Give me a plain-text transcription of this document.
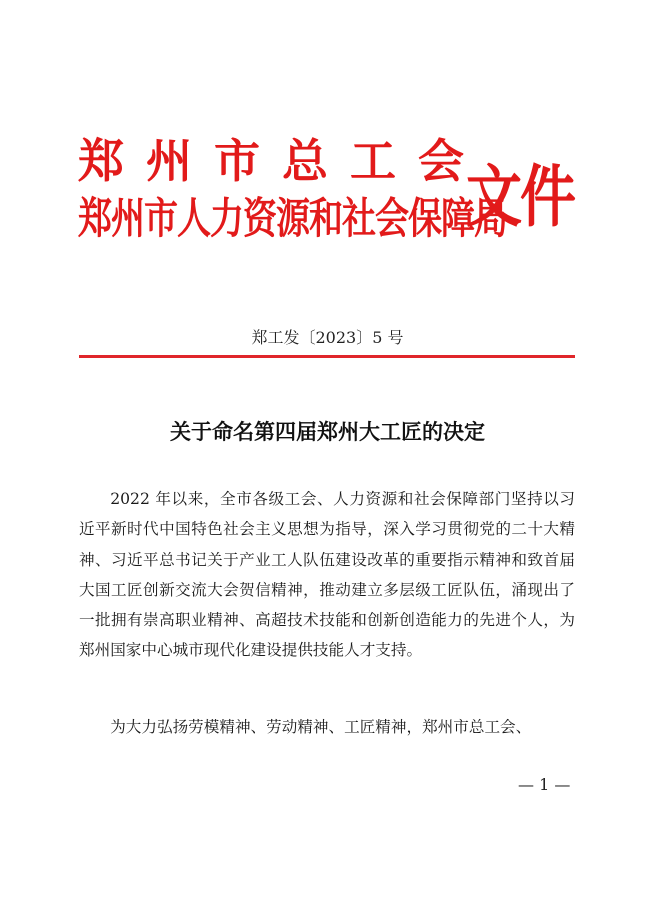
郑州市总工会
郑州市人力资源和社会保障局
文件
郑工发〔2023〕5 号
关于命名第四届郑州大工匠的决定
2022 年以来，全市各级工会、人力资源和社会保障部门坚持以习近平新时代中国特色社会主义思想为指导，深入学习贯彻党的二十大精神、习近平总书记关于产业工人队伍建设改革的重要指示精神和致首届大国工匠创新交流大会贺信精神，推动建立多层级工匠队伍，涌现出了一批拥有崇高职业精神、高超技术技能和创新创造能力的先进个人，为郑州国家中心城市现代化建设提供技能人才支持。
为大力弘扬劳模精神、劳动精神、工匠精神，郑州市总工会、
— 1 —
